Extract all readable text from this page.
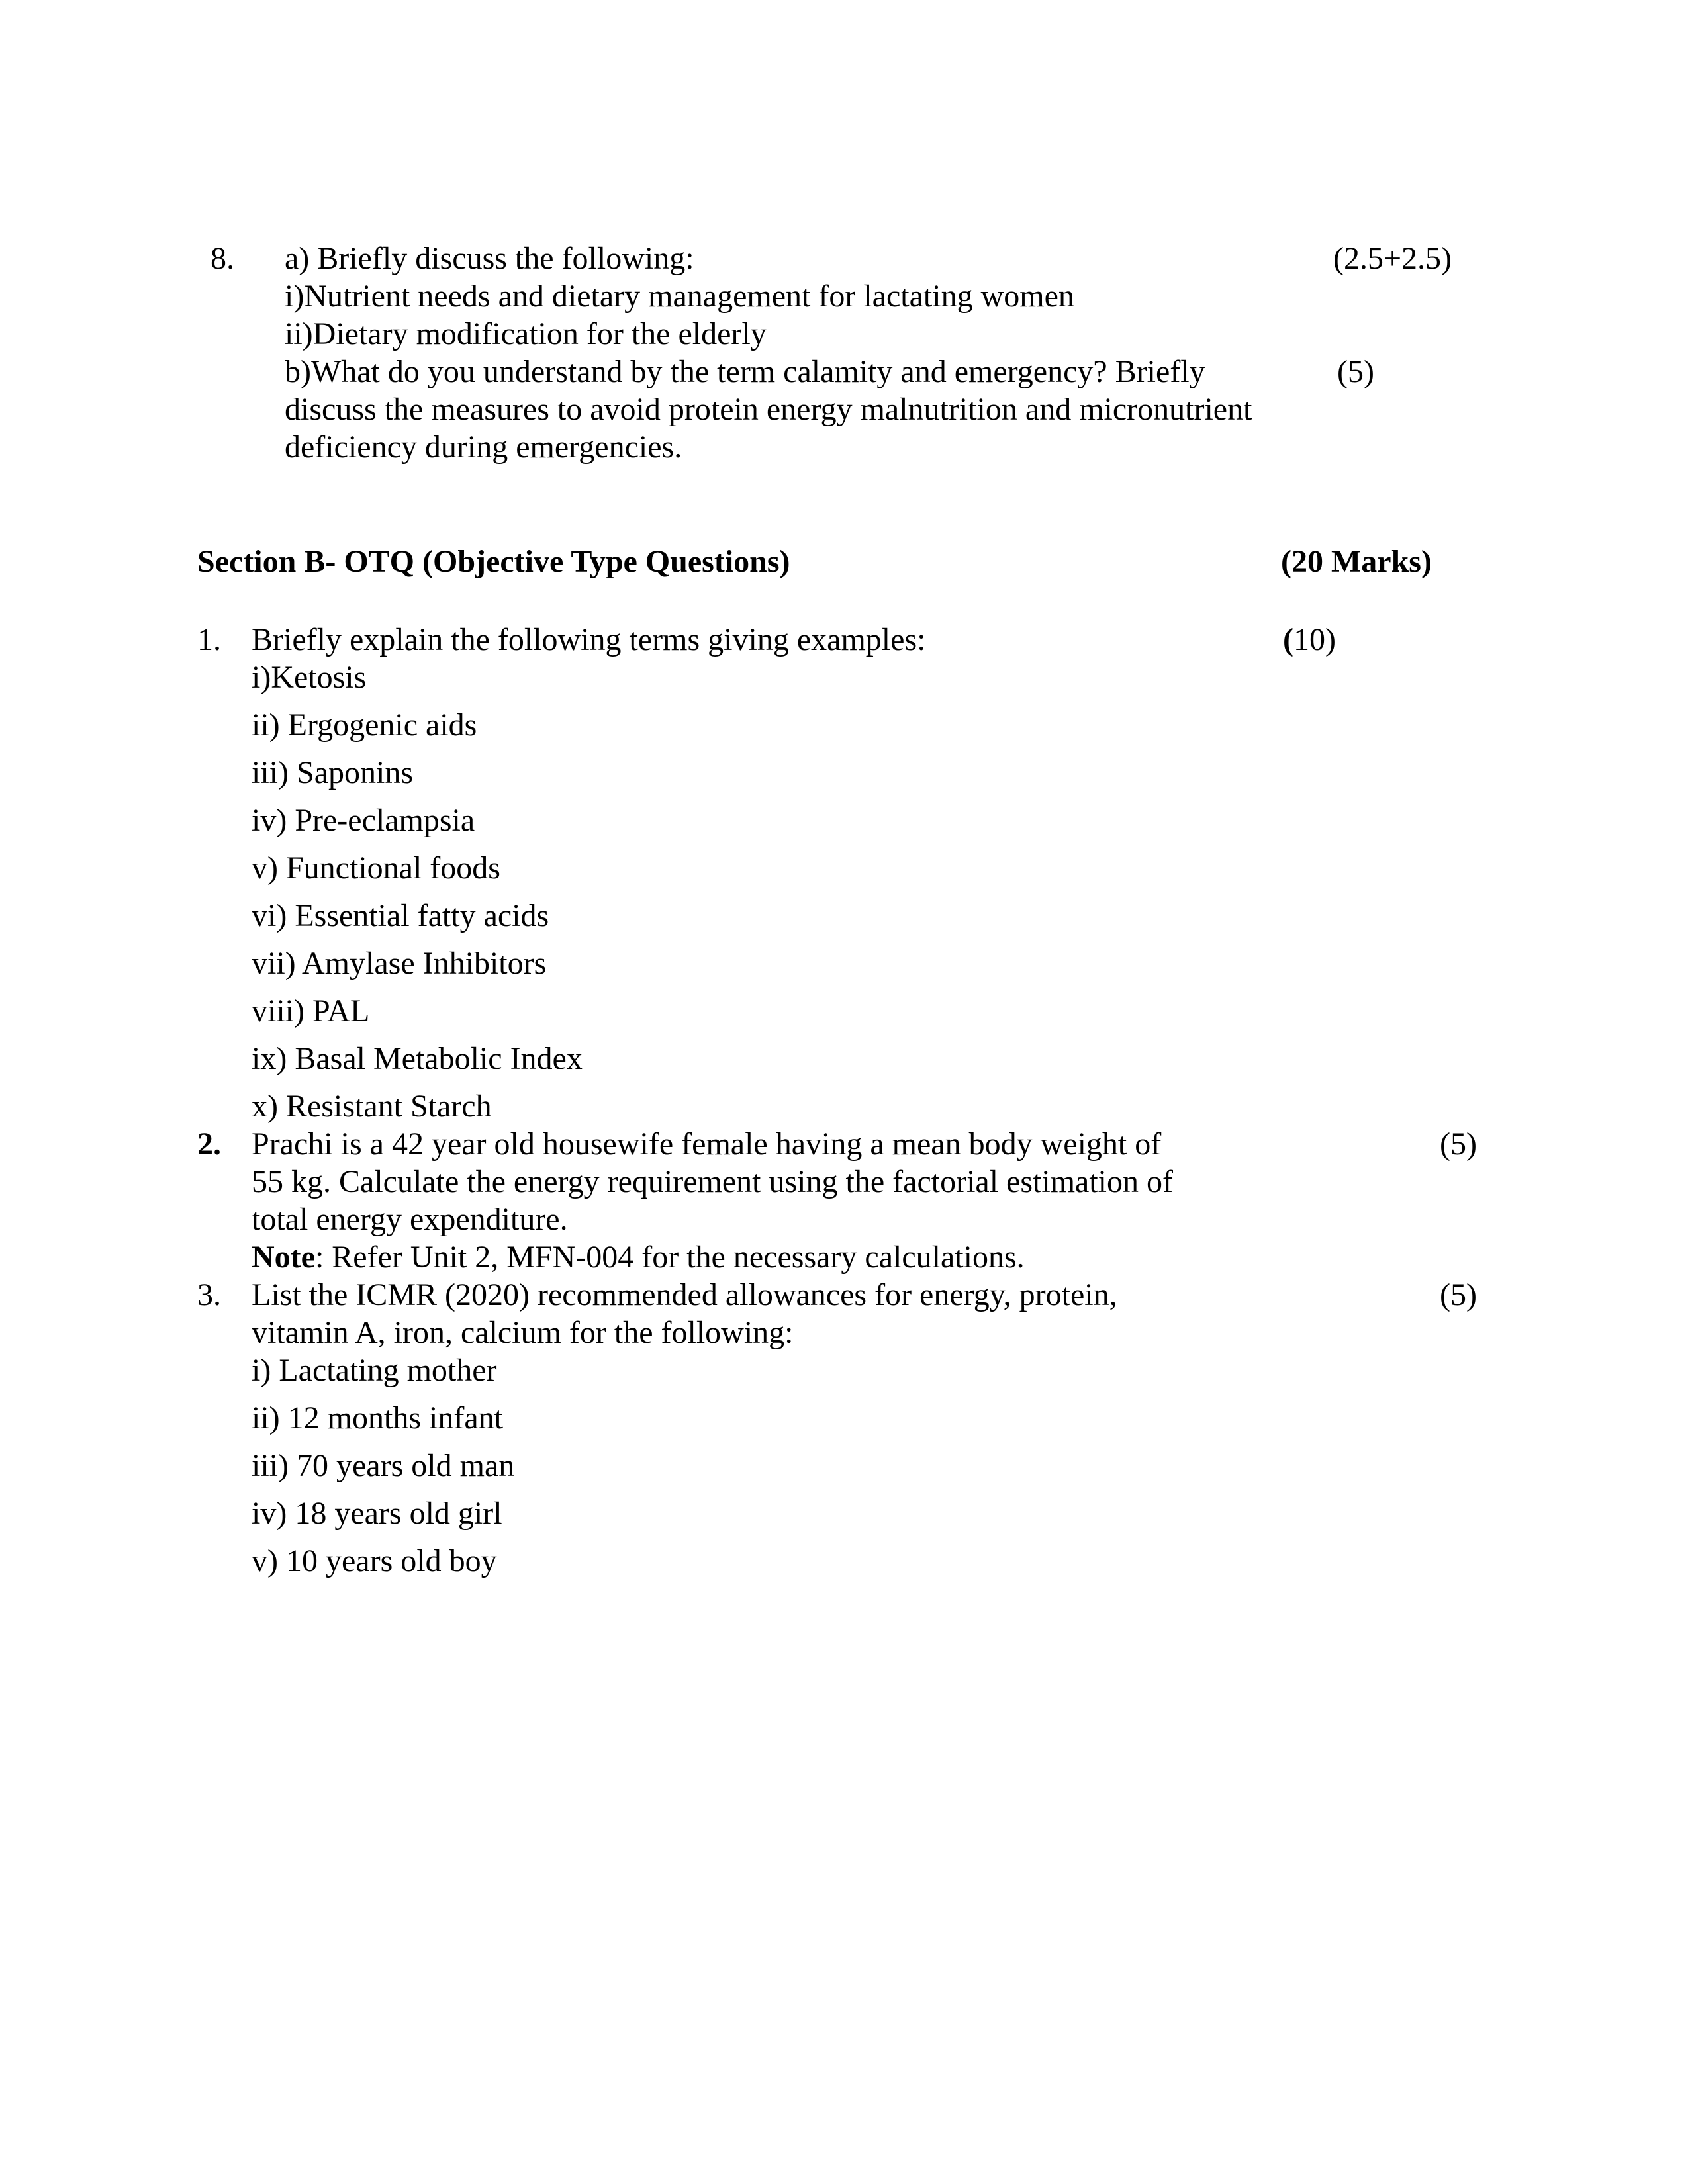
8. a) Briefly discuss the following:	(2.5+2.5)
i)Nutrient needs and dietary management for lactating women
ii)Dietary modification for the elderly
b)What do you understand by the term calamity and emergency? Briefly	(5)
discuss the measures to avoid protein energy malnutrition and micronutrient
deficiency during emergencies.
Section B- OTQ (Objective Type Questions)	(20 Marks)
1. Briefly explain the following terms giving examples:	(10)
i)Ketosis
ii) Ergogenic aids
iii) Saponins
iv) Pre-eclampsia
v) Functional foods
vi) Essential fatty acids
vii) Amylase Inhibitors
viii) PAL
ix) Basal Metabolic Index
x) Resistant Starch
2. Prachi is a 42 year old housewife female having a mean body weight of	(5)
55 kg. Calculate the energy requirement using the factorial estimation of
total energy expenditure.
Note: Refer Unit 2, MFN-004 for the necessary calculations.
3. List the ICMR (2020) recommended allowances for energy, protein,	(5)
vitamin A, iron, calcium for the following:
i) Lactating mother
ii) 12 months infant
iii) 70 years old man
iv) 18 years old girl
v) 10 years old boy
